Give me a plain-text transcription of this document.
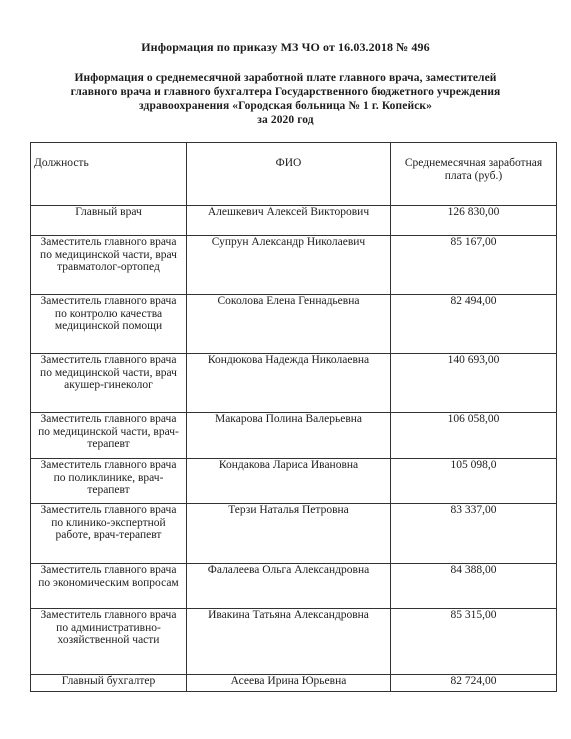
Информация по приказу МЗ ЧО от 16.03.2018 № 496
Информация о среднемесячной заработной плате главного врача, заместителей
главного врача и главного бухгалтера Государственного бюджетного учреждения
здравоохранения «Городская больница № 1 г. Копейск»
за 2020 год
Должность	ФИО	Среднемесячная заработная плата (руб.)
Главный врач	Алешкевич Алексей Викторович	126 830,00
Заместитель главного врача по медицинской части, врач травматолог-ортопед	Супрун Александр Николаевич	85 167,00
Заместитель главного врача по контролю качества медицинской помощи	Соколова Елена Геннадьевна	82 494,00
Заместитель главного врача по медицинской части, врач акушер-гинеколог	Кондюкова Надежда Николаевна	140 693,00
Заместитель главного врача по медицинской части, врач-терапевт	Макарова Полина Валерьевна	106 058,00
Заместитель главного врача по поликлинике, врач-терапевт	Кондакова Лариса Ивановна	105 098,0
Заместитель главного врача по клинико-экспертной работе, врач-терапевт	Терзи Наталья Петровна	83 337,00
Заместитель главного врача по экономическим вопросам	Фалалеева Ольга Александровна	84 388,00
Заместитель главного врача по административно-хозяйственной части	Ивакина Татьяна Александровна	85 315,00
Главный бухгалтер	Асеева Ирина Юрьевна	82 724,00
